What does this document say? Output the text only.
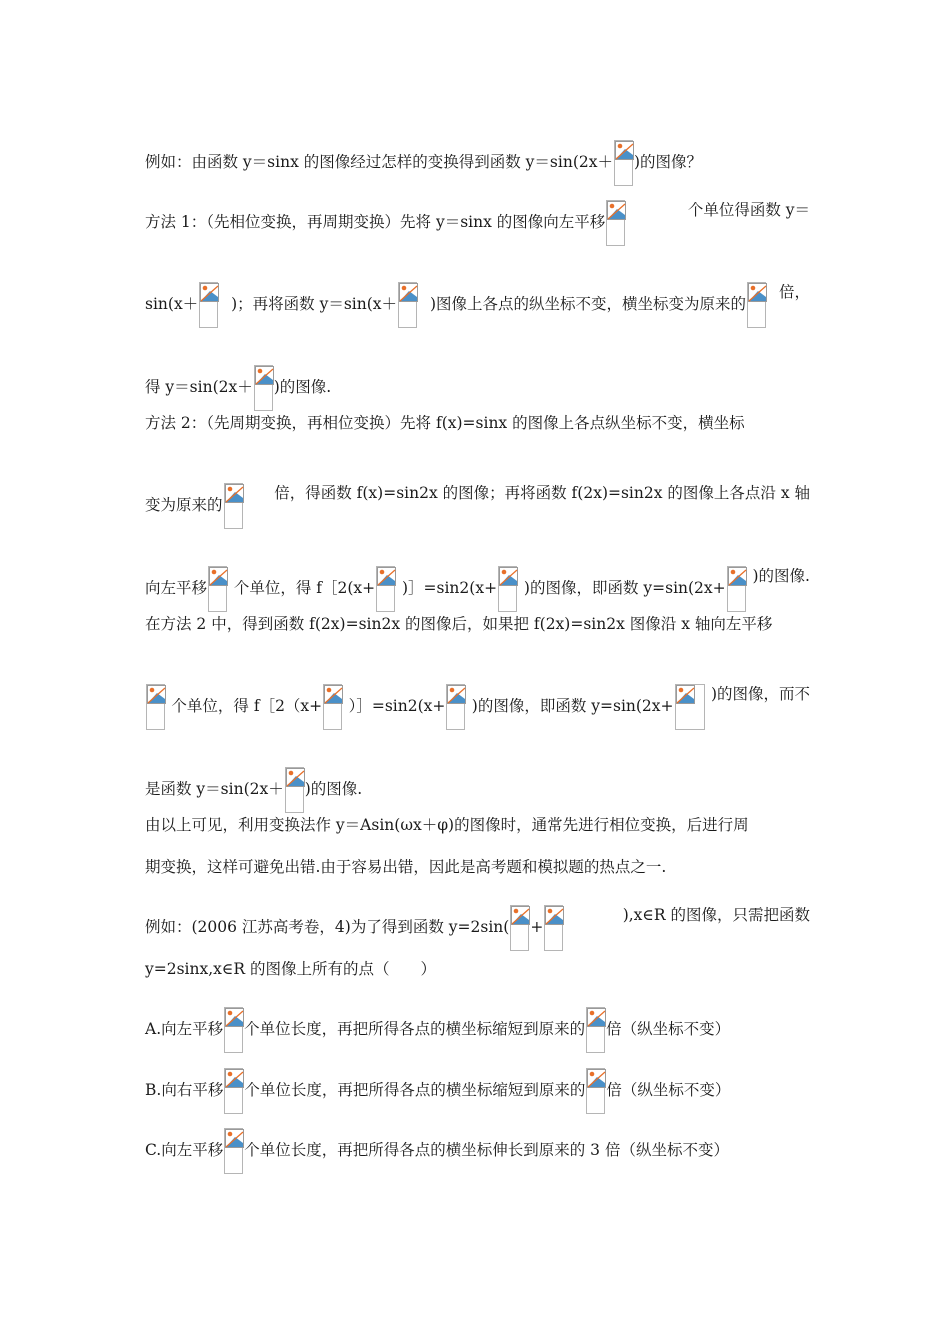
例如：由函数 y＝sinx 的图像经过怎样的变换得到函数 y＝sin(2x＋ )的图像？
方法 1：（先相位变换，再周期变换）先将 y＝sinx 的图像向左平移
个单位得函数 y＝
sin(x＋	)；再将函数 y＝sin(x＋	)图像上各点的纵坐标不变，横坐标变为原来的
倍，
得 y＝sin(2x＋ )的图像.
方法 2：（先周期变换，再相位变换）先将 f(x)=sinx 的图像上各点纵坐标不变，横坐标
变为原来的
倍，得函数 f(x)=sin2x 的图像；再将函数 f(2x)=sin2x 的图像上各点沿 x 轴
向左平移	个单位，得 f［2(x+	)］=sin2(x+	)的图像，即函数 y=sin(2x+
)的图像.
在方法 2 中，得到函数 f(2x)=sin2x 的图像后，如果把 f(2x)=sin2x 图像沿 x 轴向左平移
个单位，得 f［2（x+	）］=sin2(x+	)的图像，即函数 y=sin(2x+
)的图像，而不
是函数 y＝sin(2x＋ )的图像.
由以上可见，利用变换法作 y＝Asin(ωx＋φ)的图像时，通常先进行相位变换，后进行周
期变换，这样可避免出错.由于容易出错，因此是高考题和模拟题的热点之一.
例如：(2006 江苏高考卷，4)为了得到函数 y=2sin( +
),x∈R 的图像，只需把函数
y=2sinx,x∈R 的图像上所有的点（　　）
A.向左平移 个单位长度，再把所得各点的横坐标缩短到原来的 倍（纵坐标不变）
B.向右平移 个单位长度，再把所得各点的横坐标缩短到原来的 倍（纵坐标不变）
C.向左平移 个单位长度，再把所得各点的横坐标伸长到原来的 3 倍（纵坐标不变）
